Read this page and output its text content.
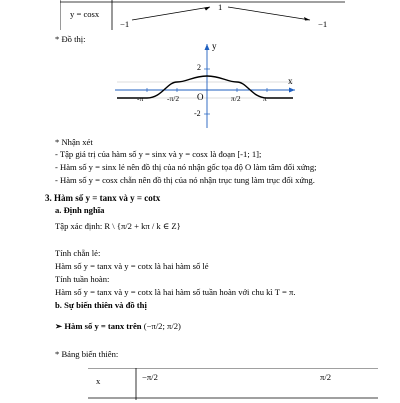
y = cosx
1
−1	−1
* Đồ thị:
y
x
O
2
-2
-π	-π/2	π/2	π
* Nhận xét
- Tập giá trị của hàm số y = sinx và y = cosx là đoạn [-1; 1];
- Hàm số y = sinx lẻ nên đồ thị của nó nhận gốc tọa độ O làm tâm đối xứng;
- Hàm số y = cosx chẵn nên đồ thị của nó nhận trục tung làm trục đối xứng.
3. Hàm số y = tanx và y = cotx
a. Định nghĩa
Tập xác định: R \ {π/2 + kπ / k ∈ Z}
Tính chẵn lẻ:
Hàm số y = tanx và y = cotx là hai hàm số lẻ
Tính tuần hoàn:
Hàm số y = tanx và y = cotx là hai hàm số tuần hoàn với chu kì T = π.
b. Sự biến thiên và đồ thị
➢ Hàm số y = tanx trên (−π/2; π/2)
* Bảng biến thiên:
x	−π/2	π/2
